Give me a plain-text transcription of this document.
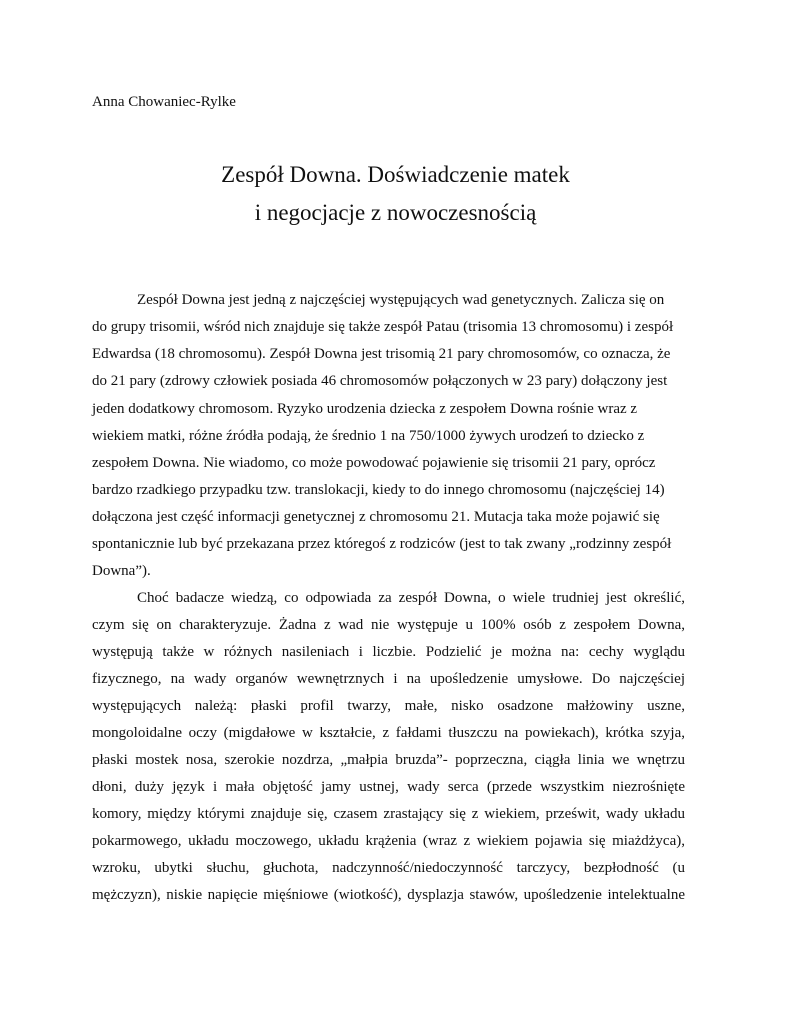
Anna Chowaniec-Rylke
Zespół Downa. Doświadczenie matek
i negocjacje z nowoczesnością
Zespół Downa jest jedną z najczęściej występujących wad genetycznych. Zalicza się on
do grupy trisomii, wśród nich znajduje się także zespół Patau (trisomia 13 chromosomu) i zespół
Edwardsa (18 chromosomu). Zespół Downa jest trisomią 21 pary chromosomów, co oznacza, że
do 21 pary (zdrowy człowiek posiada 46 chromosomów połączonych w 23 pary) dołączony jest
jeden dodatkowy chromosom. Ryzyko urodzenia dziecka z zespołem Downa rośnie wraz z
wiekiem matki, różne źródła podają, że średnio 1 na 750/1000 żywych urodzeń to dziecko z
zespołem Downa. Nie wiadomo, co może powodować pojawienie się trisomii 21 pary, oprócz
bardzo rzadkiego przypadku tzw. translokacji, kiedy to do innego chromosomu (najczęściej 14)
dołączona jest część informacji genetycznej z chromosomu 21. Mutacja taka może pojawić się
spontanicznie lub być przekazana przez któregoś z rodziców (jest to tak zwany „rodzinny zespół
Downa”).
Choć badacze wiedzą, co odpowiada za zespół Downa, o wiele trudniej jest określić,
czym się on charakteryzuje. Żadna z wad nie występuje u 100% osób z zespołem Downa,
występują także w różnych nasileniach i liczbie. Podzielić je można na: cechy wyglądu
fizycznego, na wady organów wewnętrznych i na upośledzenie umysłowe. Do najczęściej
występujących należą: płaski profil twarzy, małe, nisko osadzone małżowiny uszne,
mongoloidalne oczy (migdałowe w kształcie, z fałdami tłuszczu na powiekach), krótka szyja,
płaski mostek nosa, szerokie nozdrza, „małpia bruzda”- poprzeczna, ciągła linia we wnętrzu
dłoni, duży język i mała objętość jamy ustnej, wady serca (przede wszystkim niezrośnięte
komory, między którymi znajduje się, czasem zrastający się z wiekiem, prześwit, wady układu
pokarmowego, układu moczowego, układu krążenia (wraz z wiekiem pojawia się miażdżyca),
wzroku, ubytki słuchu, głuchota, nadczynność/niedoczynność tarczycy, bezpłodność (u
mężczyzn), niskie napięcie mięśniowe (wiotkość), dysplazja stawów, upośledzenie intelektualne
